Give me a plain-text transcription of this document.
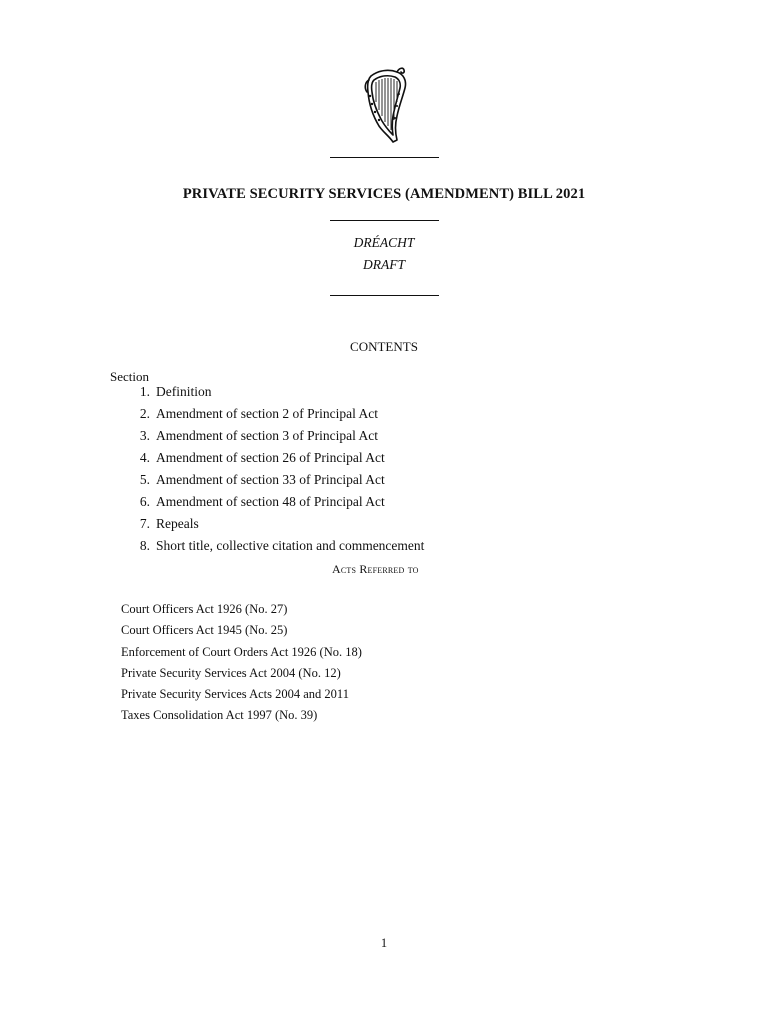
PRIVATE SECURITY SERVICES (AMENDMENT) BILL 2021
DRÉACHT
DRAFT
CONTENTS
Section
1. Definition
2. Amendment of section 2 of Principal Act
3. Amendment of section 3 of Principal Act
4. Amendment of section 26 of Principal Act
5. Amendment of section 33 of Principal Act
6. Amendment of section 48 of Principal Act
7. Repeals
8. Short title, collective citation and commencement
Acts Referred to
Court Officers Act 1926 (No. 27)
Court Officers Act 1945 (No. 25)
Enforcement of Court Orders Act 1926 (No. 18)
Private Security Services Act 2004 (No. 12)
Private Security Services Acts 2004 and 2011
Taxes Consolidation Act 1997 (No. 39)
1
